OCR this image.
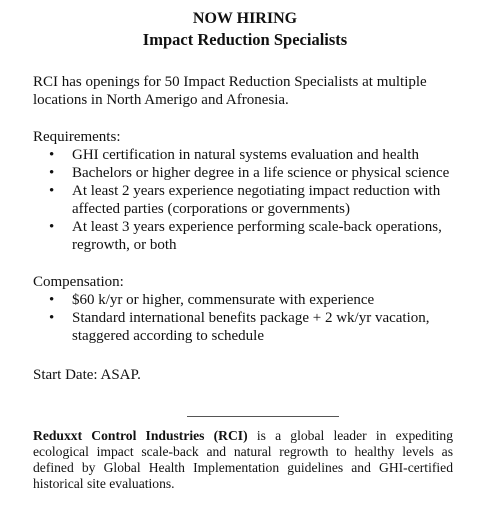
NOW HIRING
Impact Reduction Specialists

RCI has openings for 50 Impact Reduction Specialists at multiple locations in North Amerigo and Afronesia.

Requirements:

•	GHI certification in natural systems evaluation and health
•	Bachelors or higher degree in a life science or physical science
•	At least 2 years experience negotiating impact reduction with affected parties (corporations or governments)
•	At least 3 years experience performing scale-back operations, regrowth, or both

Compensation:

•	$60 k/yr or higher, commensurate with experience
•	Standard international benefits package + 2 wk/yr vacation, staggered according to schedule

Start Date: ASAP.

Reduxxt Control Industries (RCI) is a global leader in expediting ecological impact scale-back and natural regrowth to healthy levels as defined by Global Health Implementation guidelines and GHI-certified historical site evaluations.
